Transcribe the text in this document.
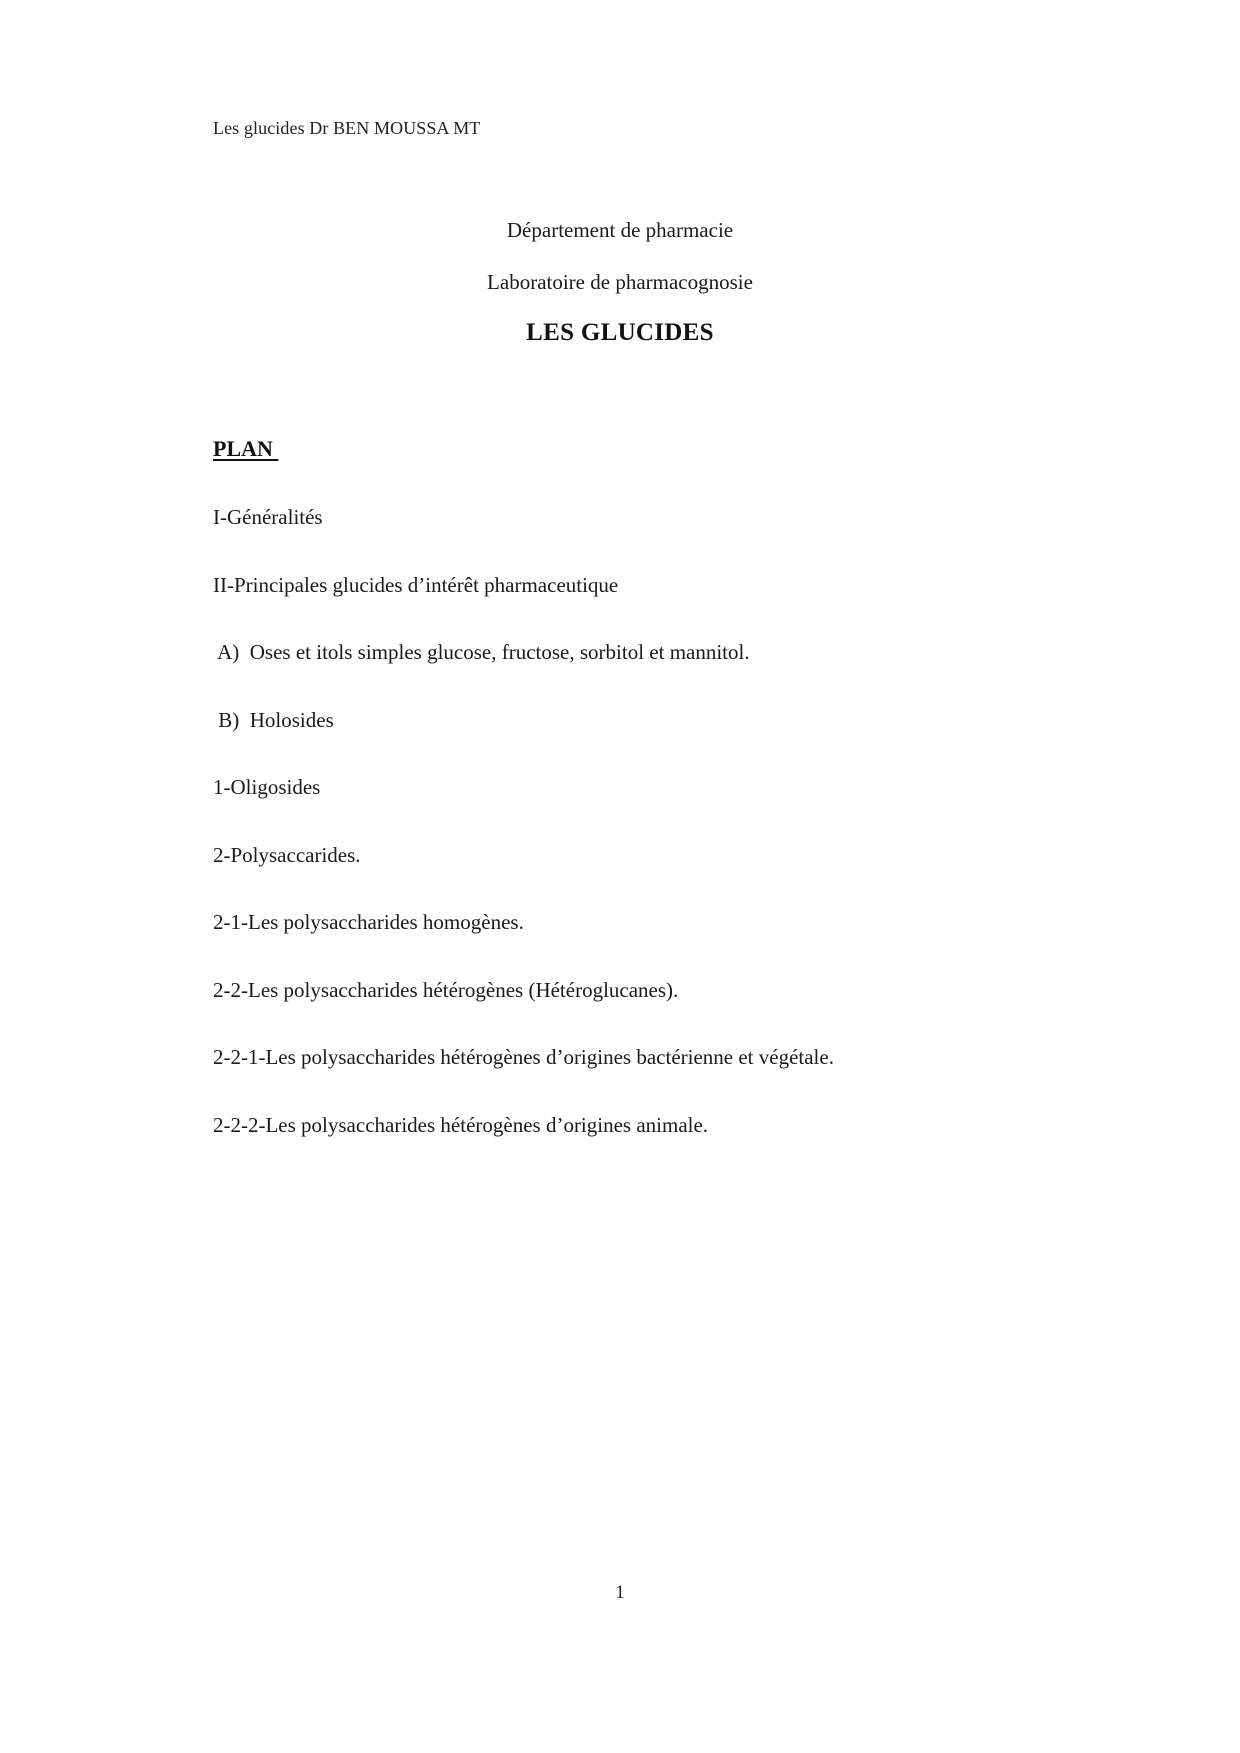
Les glucides Dr BEN MOUSSA MT
Département de pharmacie
Laboratoire de pharmacognosie
LES GLUCIDES
PLAN
I-Généralités
II-Principales glucides d’intérêt pharmaceutique
A)  Oses et itols simples glucose, fructose, sorbitol et mannitol.
B)  Holosides
1-Oligosides
2-Polysaccarides.
2-1-Les polysaccharides homogènes.
2-2-Les polysaccharides hétérogènes (Hétéroglucanes).
2-2-1-Les polysaccharides hétérogènes d’origines bactérienne et végétale.
2-2-2-Les polysaccharides hétérogènes d’origines animale.
1
